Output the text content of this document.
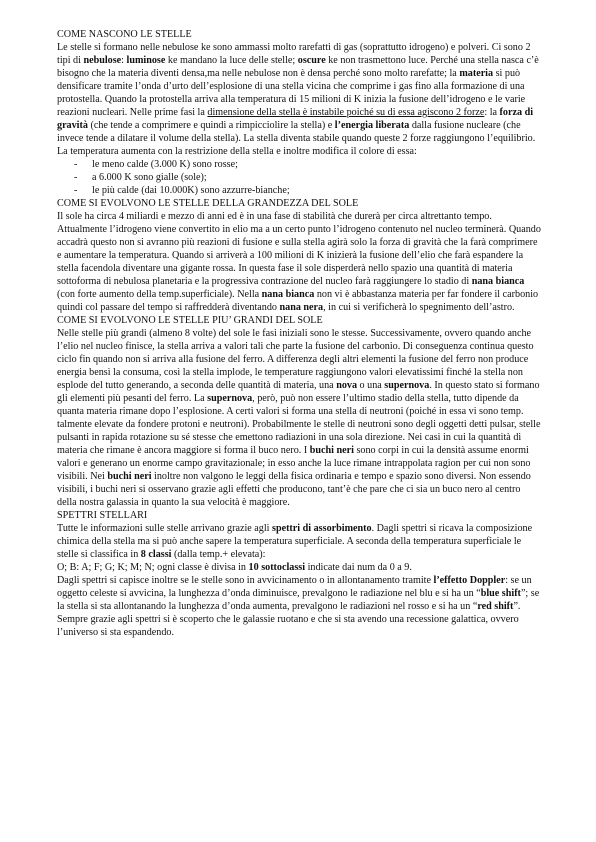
COME NASCONO LE STELLE

Le stelle si formano nelle nebulose ke sono ammassi molto rarefatti di gas (soprattutto idrogeno) e polveri. Ci sono 2 tipi di nebulose: luminose ke mandano la luce delle stelle; oscure ke non trasmettono luce. Perché una stella nasca c’è bisogno che la materia diventi densa,ma nelle nebulose non è densa perché sono molto rarefatte; la materia si può densificare tramite l’onda d’urto dell’esplosione di una stella vicina che comprime i gas fino alla formazione di una protostella. Quando la protostella arriva alla temperatura di 15 milioni di K inizia la fusione dell’idrogeno e le varie reazioni nucleari. Nelle prime fasi la dimensione della stella è instabile poiché su di essa agiscono 2 forze: la forza di gravità (che tende a comprimere e quindi a rimpicciolire la stella) e l’energia liberata dalla fusione nucleare (che invece tende a dilatare il volume della stella). La stella diventa stabile quando queste 2 forze raggiungono l’equilibrio.

La temperatura aumenta con la restrizione della stella e inoltre modifica il colore di essa:

- le meno calde (3.000 K) sono rosse;
- a 6.000 K sono gialle (sole);
- le più calde (dai 10.000K) sono azzurre-bianche;

COME SI EVOLVONO LE STELLE DELLA GRANDEZZA DEL SOLE

Il sole ha circa 4 miliardi e mezzo di anni ed è in una fase di stabilità che durerà per circa altrettanto tempo. Attualmente l’idrogeno viene convertito in elio ma a un certo punto l’idrogeno contenuto nel nucleo terminerà. Quando accadrà questo non si avranno più reazioni di fusione e sulla stella agirà solo la forza di gravità che la farà comprimere e aumentare la temperatura. Quando si arriverà a 100 milioni di K inizierà la fusione dell’elio che farà espandere la stella facendola diventare una gigante rossa. In questa fase il sole disperderà nello spazio una quantità di materia sottoforma di nebulosa planetaria e la progressiva contrazione del nucleo farà raggiungere lo stadio di nana bianca (con forte aumento della temp.superficiale). Nella nana bianca non vi è abbastanza materia per far fondere il carbonio quindi col passare del tempo si raffredderà diventando nana nera, in cui si verificherà lo spegnimento dell’astro.

COME SI EVOLVONO LE STELLE PIU’ GRANDI DEL SOLE

Nelle stelle più grandi (almeno 8 volte) del sole le fasi iniziali sono le stesse. Successivamente, ovvero quando anche l’elio nel nucleo finisce, la stella arriva a valori tali che parte la fusione del carbonio. Di conseguenza continua questo ciclo fin quando non si arriva alla fusione del ferro. A differenza degli altri elementi la fusione del ferro non produce energia bensì la consuma, così la stella implode, le temperature raggiungono valori elevatissimi finché la stella non esplode del tutto generando, a seconda delle quantità di materia, una nova o una supernova. In questo stato si formano gli elementi più pesanti del ferro. La supernova, però, può non essere l’ultimo stadio della stella, tutto dipende da quanta materia rimane dopo l’esplosione. A certi valori si forma una stella di neutroni (poiché in essa vi sono temp. talmente elevate da fondere protoni e neutroni). Probabilmente le stelle di neutroni sono degli oggetti detti pulsar, stelle pulsanti in rapida rotazione su sé stesse che emettono radiazioni in una sola direzione. Nei casi in cui la quantità di materia che rimane è ancora maggiore si forma il buco nero. I buchi neri sono corpi in cui la densità assume enormi valori e generano un enorme campo gravitazionale; in esso anche la luce rimane intrappolata ragion per cui non sono visibili. Nei buchi neri inoltre non valgono le leggi della fisica ordinaria e tempo e spazio sono diversi. Non essendo visibili, i buchi neri si osservano grazie agli effetti che producono, tant’è che pare che ci sia un buco nero al centro della nostra galassia in quanto la sua velocità è maggiore.

SPETTRI STELLARI

Tutte le informazioni sulle stelle arrivano grazie agli spettri di assorbimento. Dagli spettri si ricava la composizione chimica della stella ma si può anche sapere la temperatura superficiale. A seconda della temperatura superficiale le stelle si classifica in 8 classi (dalla temp.+ elevata):

O; B: A; F; G; K; M; N; ogni classe è divisa in 10 sottoclassi indicate dai num da 0 a 9.

Dagli spettri si capisce inoltre se le stelle sono in avvicinamento o in allontanamento tramite l’effetto Doppler: se un oggetto celeste si avvicina, la lunghezza d’onda diminuisce, prevalgono le radiazione nel blu e si ha un “blue shift”; se la stella si sta allontanando la lunghezza d’onda aumenta, prevalgono le radiazioni nel rosso e si ha un “red shift”. Sempre grazie agli spettri si è scoperto che le galassie ruotano e che si sta avendo una recessione galattica, ovvero l’universo si sta espandendo.
